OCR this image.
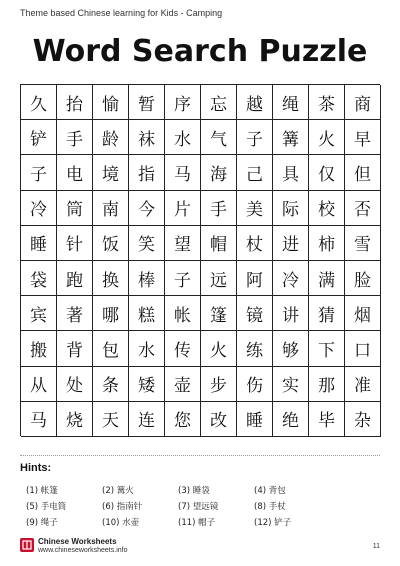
Theme based Chinese learning for Kids - Camping
Word Search Puzzle
久	抬	愉	暂	序	忘	越	绳	茶	商
铲	手	龄	袜	水	气	子	篝	火	早
子	电	境	指	马	海	己	具	仅	但
冷	筒	南	今	片	手	美	际	校	否
睡	针	饭	笑	望	帽	杖	进	柿	雪
袋	跑	换	棒	子	远	阿	冷	满	脸
宾	著	哪	糕	帐	篷	镜	讲	猜	烟
搬	背	包	水	传	火	练	够	下	口
从	处	条	矮	壶	步	伤	实	那	准
马	烧	天	连	您	改	睡	绝	毕	杂
Hints:
(1) 帐篷	(2) 篝火	(3) 睡袋	(4) 背包
(5) 手电筒	(6) 指南针	(7) 望远镜	(8) 手杖
(9) 绳子	(10) 水壶	(11) 帽子	(12) 铲子
Chinese Worksheets
www.chineseworksheets.info
11
